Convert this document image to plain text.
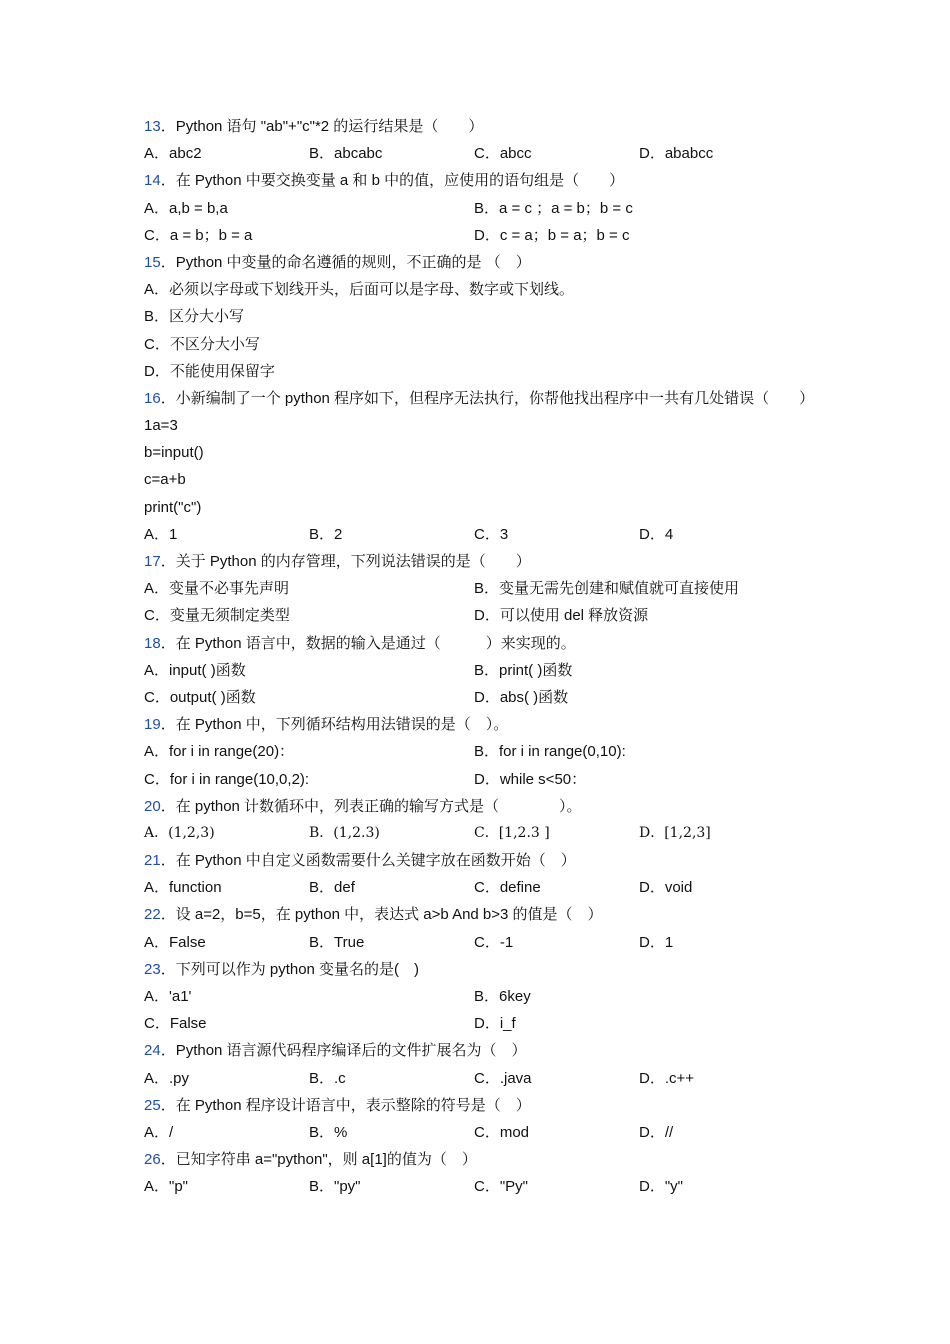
13．Python 语句 "ab"+"c"*2 的运行结果是（　　）
A．abc2	B．abcabc	C．abcc	D．ababcc
14．在 Python 中要交换变量 a 和 b 中的值，应使用的语句组是（　　）
A．a,b = b,a	B．a = c ；a = b；b = c
C．a = b；b = a	D．c = a；b = a；b = c
15．Python 中变量的命名遵循的规则，不正确的是 （　）
A．必须以字母或下划线开头，后面可以是字母、数字或下划线。
B．区分大小写
C．不区分大小写
D．不能使用保留字
16．小新编制了一个 python 程序如下，但程序无法执行，你帮他找出程序中一共有几处错误（　　）
1a=3
b=input()
c=a+b
print("c")
A．1	B．2	C．3	D．4
17．关于 Python 的内存管理，下列说法错误的是（　　）
A．变量不必事先声明	B．变量无需先创建和赋值就可直接使用
C．变量无须制定类型	D．可以使用 del 释放资源
18．在 Python 语言中，数据的输入是通过（　　　）来实现的。
A．input( )函数	B．print( )函数
C．output( )函数	D．abs( )函数
19．在 Python 中，下列循环结构用法错误的是（　）。
A．for i in range(20)：	B．for i in range(0,10):
C．for i in range(10,0,2):	D．while s<50：
20．在 python 计数循环中，列表正确的输写方式是（　　　　）。
A．(1,2,3)	B．(1,2.3)	C．[1,2.3 ]	D．[1,2,3]
21．在 Python 中自定义函数需要什么关键字放在函数开始（　）
A．function	B．def	C．define	D．void
22．设 a=2，b=5，在 python 中，表达式 a>b And b>3 的值是（　）
A．False	B．True	C．-1	D．1
23．下列可以作为 python 变量名的是(　)
A．'a1'	B．6key
C．False	D．i_f
24．Python 语言源代码程序编译后的文件扩展名为（　）
A．.py	B．.c	C．.java	D．.c++
25．在 Python 程序设计语言中，表示整除的符号是（　）
A．/	B．%	C．mod	D．//
26．已知字符串 a="python"，则 a[1]的值为（　）
A．"p"	B．"py"	C．"Py"	D．"y"
